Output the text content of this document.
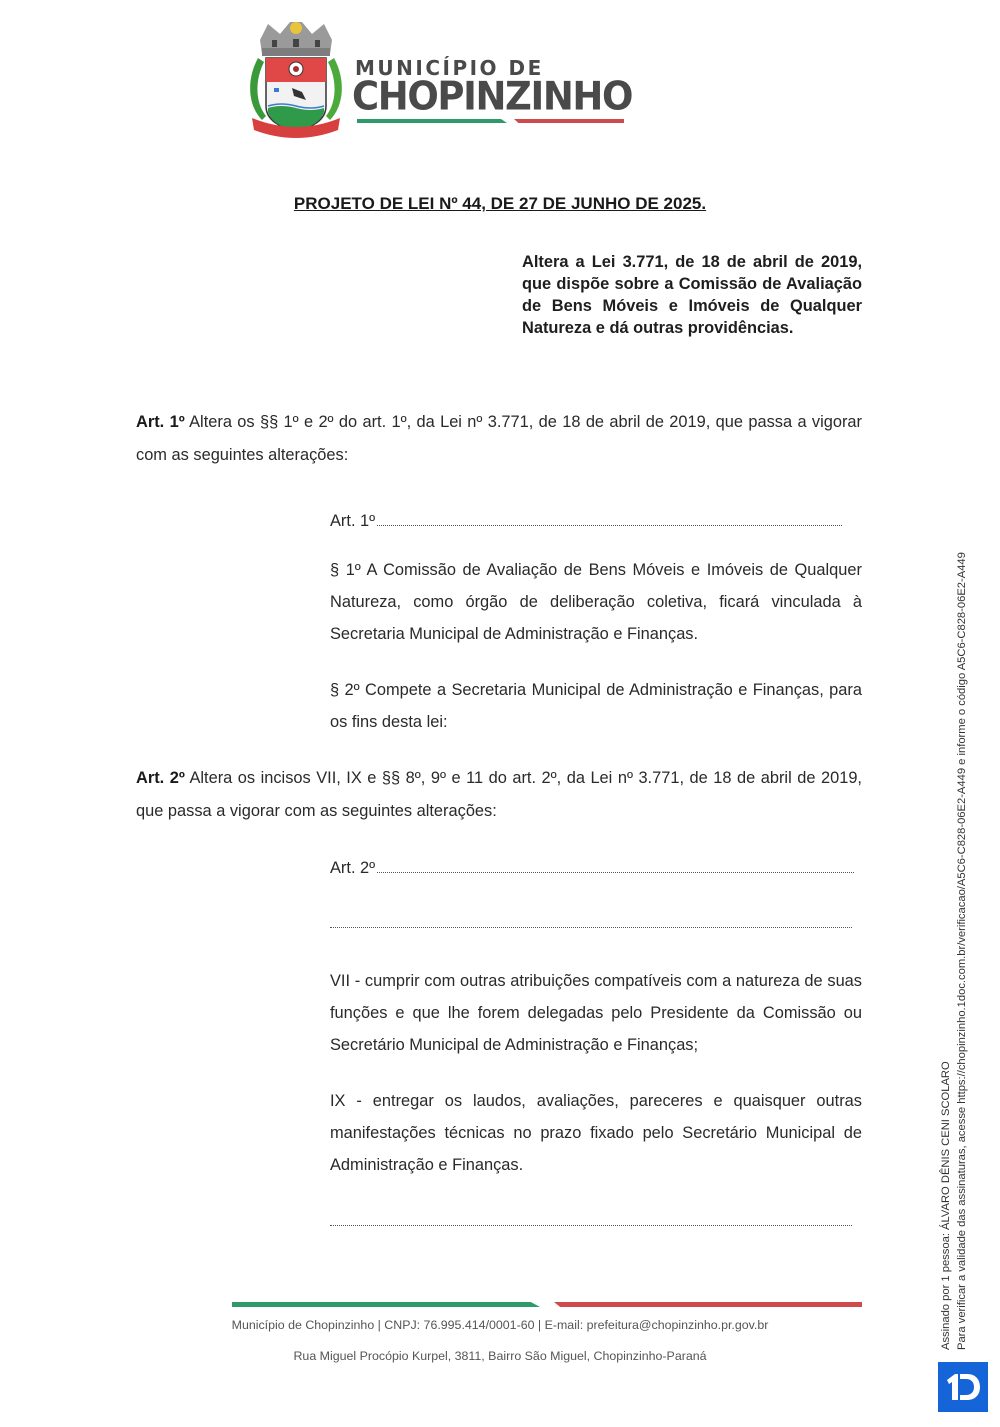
MUNICÍPIO DE
CHOPINZINHO
PROJETO DE LEI Nº 44, DE 27 DE JUNHO DE 2025.
Altera a Lei 3.771, de 18 de abril de 2019, que dispõe sobre a Comissão de Avaliação de Bens Móveis e Imóveis de Qualquer Natureza e dá outras providências.
Art. 1º Altera os §§ 1º e 2º do art. 1º, da Lei nº 3.771, de 18 de abril de 2019, que passa a vigorar com as seguintes alterações:
Art. 1º
§ 1º A Comissão de Avaliação de Bens Móveis e Imóveis de Qualquer Natureza, como órgão de deliberação coletiva, ficará vinculada à Secretaria Municipal de Administração e Finanças.
§ 2º Compete a Secretaria Municipal de Administração e Finanças, para os fins desta lei:
Art. 2º Altera os incisos VII, IX e §§ 8º, 9º e 11 do art. 2º, da Lei nº 3.771, de 18 de abril de 2019, que passa a vigorar com as seguintes alterações:
Art. 2º
VII - cumprir com outras atribuições compatíveis com a natureza de suas funções e que lhe forem delegadas pelo Presidente da Comissão ou Secretário Municipal de Administração e Finanças;
IX - entregar os laudos, avaliações, pareceres e quaisquer outras manifestações técnicas no prazo fixado pelo Secretário Municipal de Administração e Finanças.
Município de Chopinzinho | CNPJ: 76.995.414/0001-60 | E-mail: prefeitura@chopinzinho.pr.gov.br
Rua Miguel Procópio Kurpel, 3811, Bairro São Miguel, Chopinzinho-Paraná
Assinado por 1 pessoa: ÁLVARO DÊNIS CENI SCOLARO Para verificar a validade das assinaturas, acesse https://chopinzinho.1doc.com.br/verificacao/A5C6-C828-06E2-A449 e informe o código A5C6-C828-06E2-A449
